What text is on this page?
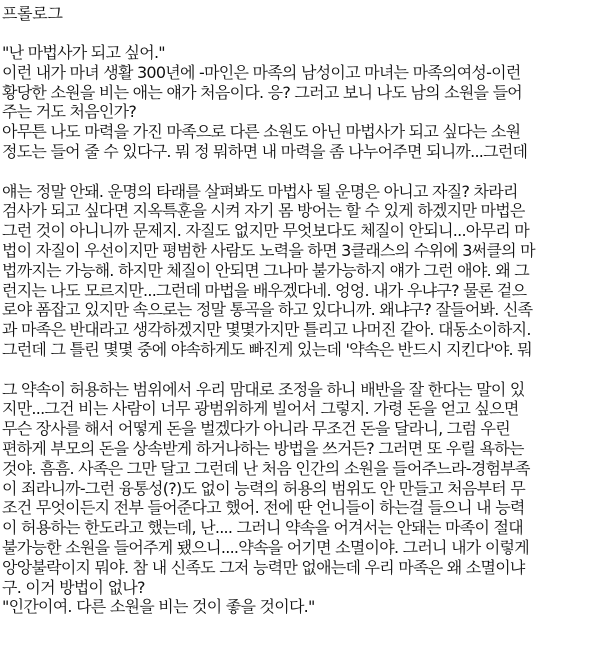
프롤로그
"난 마법사가 되고 싶어."
이런 내가 마녀 생활 300년에 -마인은 마족의 남성이고 마녀는 마족의여성-이런
황당한 소원을 비는 애는 얘가 처음이다. 응? 그러고 보니 나도 남의 소원을 들어
주는 거도 처음인가?
아무튼 나도 마력을 가진 마족으로 다른 소원도 아닌 마법사가 되고 싶다는 소원
정도는 들어 줄 수 있다구. 뭐 정 뭐하면 내 마력을 좀 나누어주면 되니까...그런데
얘는 정말 안돼. 운명의 타래를 살펴봐도 마법사 될 운명은 아니고 자질? 차라리
검사가 되고 싶다면 지옥특훈을 시켜 자기 몸 방어는 할 수 있게 하겠지만 마법은
그런 것이 아니니까 문제지. 자질도 없지만 무엇보다도 체질이 안되니...아무리 마
법이 자질이 우선이지만 평범한 사람도 노력을 하면 3클래스의 수위에 3써클의 마
법까지는 가능해. 하지만 체질이 안되면 그나마 불가능하지 얘가 그런 애야. 왜 그
런지는 나도 모르지만...그런데 마법을 배우겠다네. 엉엉. 내가 우냐구? 물론 겉으
로야 폼잡고 있지만 속으로는 정말 통곡을 하고 있다니까. 왜냐구? 잘들어봐. 신족
과 마족은 반대라고 생각하겠지만 몇몇가지만 틀리고 나머진 같아. 대동소이하지.
그런데 그 틀린 몇몇 중에 야속하게도 빠진게 있는데 '약속은 반드시 지킨다'야. 뭐
그 약속이 허용하는 범위에서 우리 맘대로 조정을 하니 배반을 잘 한다는 말이 있
지만...그건 비는 사람이 너무 광범위하게 빌어서 그렇지. 가령 돈을 얻고 싶으면
무슨 장사를 해서 어떻게 돈을 벌겠다가 아니라 무조건 돈을 달라니, 그럼 우린
편하게 부모의 돈을 상속받게 하거나하는 방법을 쓰거든? 그러면 또 우릴 욕하는
것야. 흠흠. 사족은 그만 달고 그런데 난 처음 인간의 소원을 들어주느라-경험부족
이 죄라니까-그런 융통성(?)도 없이 능력의 허용의 범위도 안 만들고 처음부터 무
조건 무엇이든지 전부 들어준다고 했어. 전에 딴 언니들이 하는걸 들으니 내 능력
이 허용하는 한도라고 했는데, 난.... 그러니 약속을 어겨서는 안돼는 마족이 절대
불가능한 소원을 들어주게 됐으니....약속을 어기면 소멸이야. 그러니 내가 이렇게
앙앙불락이지 뭐야. 참 내 신족도 그저 능력만 없애는데 우리 마족은 왜 소멸이냐
구. 이거 방법이 없나?
"인간이여. 다른 소원을 비는 것이 좋을 것이다."
